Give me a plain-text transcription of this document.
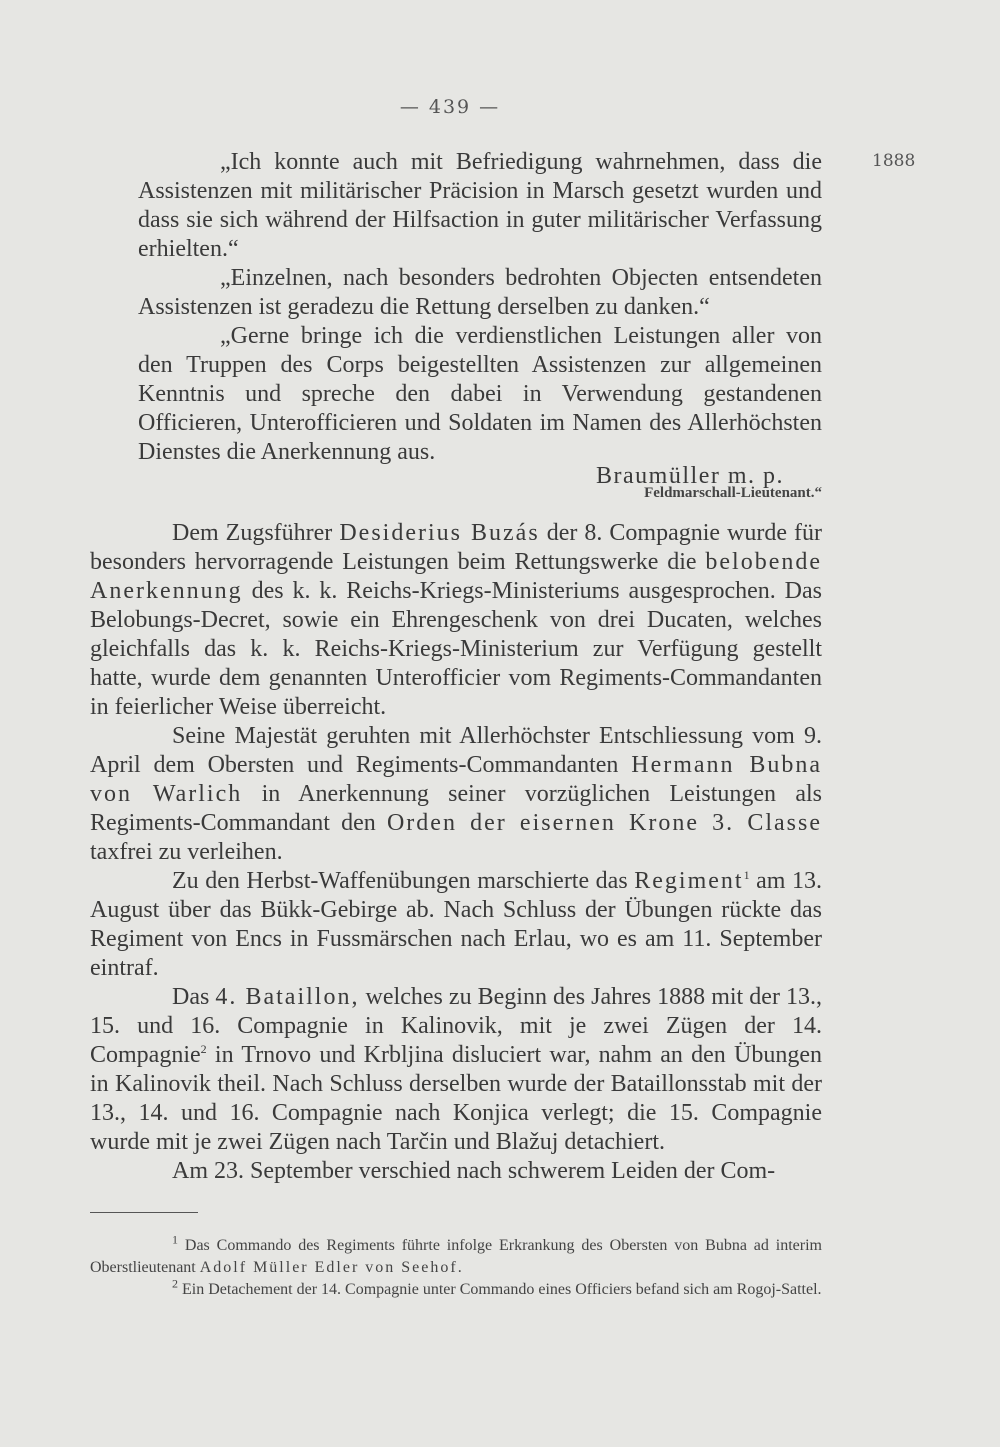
— 439 —
1888

„Ich konnte auch mit Befriedigung wahrnehmen, dass die Assistenzen mit militärischer Präcision in Marsch gesetzt wurden und dass sie sich während der Hilfsaction in guter militärischer Verfassung erhielten.“

„Einzelnen, nach besonders bedrohten Objecten entsendeten Assistenzen ist geradezu die Rettung derselben zu danken.“

„Gerne bringe ich die verdienstlichen Leistungen aller von den Truppen des Corps beigestellten Assistenzen zur allgemeinen Kenntnis und spreche den dabei in Verwendung gestandenen Officieren, Unterofficieren und Soldaten im Namen des Allerhöchsten Dienstes die Anerkennung aus.

Braumüller m. p.
Feldmarschall-Lieutenant.“

Dem Zugsführer Desiderius Buzás der 8. Compagnie wurde für besonders hervorragende Leistungen beim Rettungswerke die belobende Anerkennung des k. k. Reichs-Kriegs-Ministeriums ausgesprochen. Das Belobungs-Decret, sowie ein Ehrengeschenk von drei Ducaten, welches gleichfalls das k. k. Reichs-Kriegs-Ministerium zur Verfügung gestellt hatte, wurde dem genannten Unterofficier vom Regiments-Commandanten in feierlicher Weise überreicht.

Seine Majestät geruhten mit Allerhöchster Entschliessung vom 9. April dem Obersten und Regiments-Commandanten Hermann Bubna von Warlich in Anerkennung seiner vorzüglichen Leistungen als Regiments-Commandant den Orden der eisernen Krone 3. Classe taxfrei zu verleihen.

Zu den Herbst-Waffenübungen marschierte das Regiment$^1$ am 13. August über das Bükk-Gebirge ab. Nach Schluss der Übungen rückte das Regiment von Encs in Fussmärschen nach Erlau, wo es am 11. September eintraf.

Das 4. Bataillon, welches zu Beginn des Jahres 1888 mit der 13., 15. und 16. Compagnie in Kalinovik, mit je zwei Zügen der 14. Compagnie$^2$ in Trnovo und Krbljina disluciert war, nahm an den Übungen in Kalinovik theil. Nach Schluss derselben wurde der Bataillonsstab mit der 13., 14. und 16. Compagnie nach Konjica verlegt; die 15. Compagnie wurde mit je zwei Zügen nach Tarčin und Blažuj detachiert.

Am 23. September verschied nach schwerem Leiden der Com-

$^1$ Das Commando des Regiments führte infolge Erkrankung des Obersten von Bubna ad interim Oberstlieutenant Adolf Müller Edler von Seehof.

$^2$ Ein Detachement der 14. Compagnie unter Commando eines Officiers befand sich am Rogoj-Sattel.
